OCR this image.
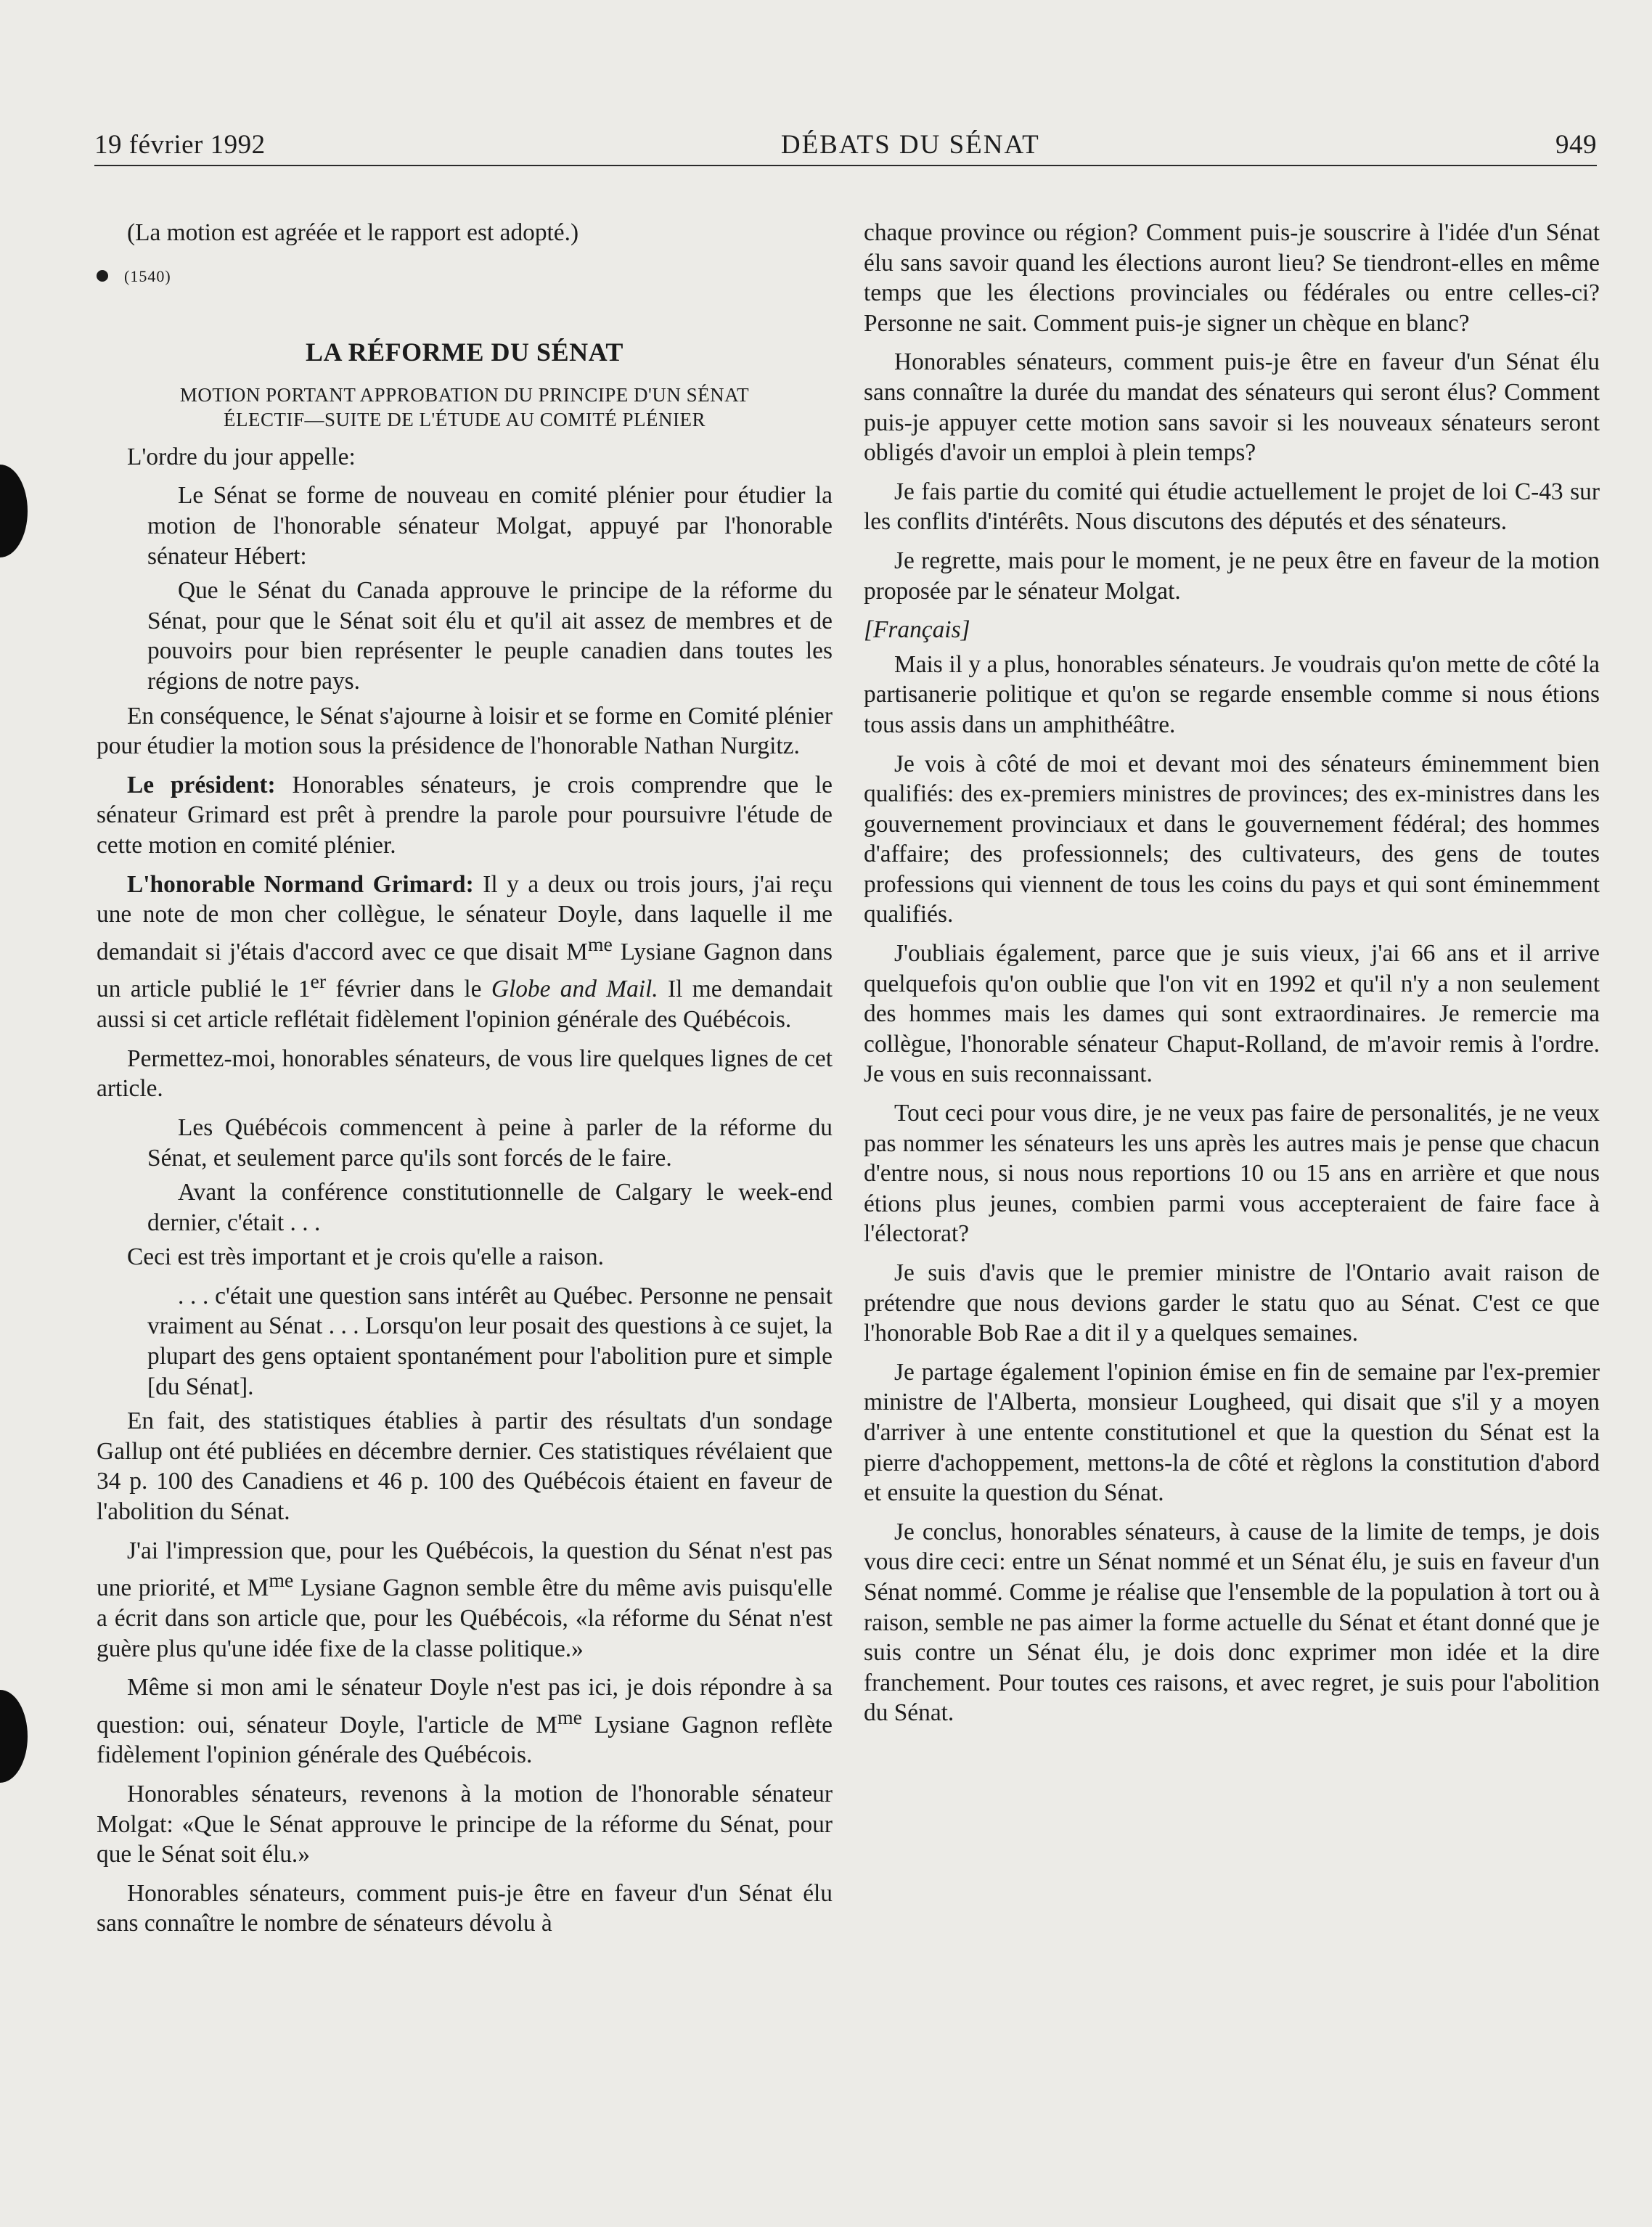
19 février 1992	DÉBATS DU SÉNAT	949

(La motion est agréée et le rapport est adopté.)

(1540)
LA RÉFORME DU SÉNAT
MOTION PORTANT APPROBATION DU PRINCIPE D'UN SÉNAT
ÉLECTIF—SUITE DE L'ÉTUDE AU COMITÉ PLÉNIER

L'ordre du jour appelle:

Le Sénat se forme de nouveau en comité plénier pour étudier la motion de l'honorable sénateur Molgat, appuyé par l'honorable sénateur Hébert:

Que le Sénat du Canada approuve le principe de la réforme du Sénat, pour que le Sénat soit élu et qu'il ait assez de membres et de pouvoirs pour bien représenter le peuple canadien dans toutes les régions de notre pays.

En conséquence, le Sénat s'ajourne à loisir et se forme en Comité plénier pour étudier la motion sous la présidence de l'honorable Nathan Nurgitz.

Le président: Honorables sénateurs, je crois comprendre que le sénateur Grimard est prêt à prendre la parole pour poursuivre l'étude de cette motion en comité plénier.

L'honorable Normand Grimard: Il y a deux ou trois jours, j'ai reçu une note de mon cher collègue, le sénateur Doyle, dans laquelle il me demandait si j'étais d'accord avec ce que disait $M^{me}$ Lysiane Gagnon dans un article publié le 1er février dans le Globe and Mail. Il me demandait aussi si cet article reflétait fidèlement l'opinion générale des Québécois.

Permettez-moi, honorables sénateurs, de vous lire quelques lignes de cet article.

Les Québécois commencent à peine à parler de la réforme du Sénat, et seulement parce qu'ils sont forcés de le faire.

Avant la conférence constitutionnelle de Calgary le week-end dernier, c'était . . .

Ceci est très important et je crois qu'elle a raison.

. . . c'était une question sans intérêt au Québec. Personne ne pensait vraiment au Sénat . . . Lorsqu'on leur posait des questions à ce sujet, la plupart des gens optaient spontanément pour l'abolition pure et simple [du Sénat].

En fait, des statistiques établies à partir des résultats d'un sondage Gallup ont été publiées en décembre dernier. Ces statistiques révélaient que 34 p. 100 des Canadiens et 46 p. 100 des Québécois étaient en faveur de l'abolition du Sénat.

J'ai l'impression que, pour les Québécois, la question du Sénat n'est pas une priorité, et $M^{me}$ Lysiane Gagnon semble être du même avis puisqu'elle a écrit dans son article que, pour les Québécois, «la réforme du Sénat n'est guère plus qu'une idée fixe de la classe politique.»

Même si mon ami le sénateur Doyle n'est pas ici, je dois répondre à sa question: oui, sénateur Doyle, l'article de $M^{me}$ Lysiane Gagnon reflète fidèlement l'opinion générale des Québécois.

Honorables sénateurs, revenons à la motion de l'honorable sénateur Molgat: «Que le Sénat approuve le principe de la réforme du Sénat, pour que le Sénat soit élu.»

Honorables sénateurs, comment puis-je être en faveur d'un Sénat élu sans connaître le nombre de sénateurs dévolu à

chaque province ou région? Comment puis-je souscrire à l'idée d'un Sénat élu sans savoir quand les élections auront lieu? Se tiendront-elles en même temps que les élections provinciales ou fédérales ou entre celles-ci? Personne ne sait. Comment puis-je signer un chèque en blanc?

Honorables sénateurs, comment puis-je être en faveur d'un Sénat élu sans connaître la durée du mandat des sénateurs qui seront élus? Comment puis-je appuyer cette motion sans savoir si les nouveaux sénateurs seront obligés d'avoir un emploi à plein temps?

Je fais partie du comité qui étudie actuellement le projet de loi C-43 sur les conflits d'intérêts. Nous discutons des députés et des sénateurs.

Je regrette, mais pour le moment, je ne peux être en faveur de la motion proposée par le sénateur Molgat.

[Français]

Mais il y a plus, honorables sénateurs. Je voudrais qu'on mette de côté la partisanerie politique et qu'on se regarde ensemble comme si nous étions tous assis dans un amphithéâtre.

Je vois à côté de moi et devant moi des sénateurs éminemment bien qualifiés: des ex-premiers ministres de provinces; des ex-ministres dans les gouvernement provinciaux et dans le gouvernement fédéral; des hommes d'affaire; des professionnels; des cultivateurs, des gens de toutes professions qui viennent de tous les coins du pays et qui sont éminemment qualifiés.

J'oubliais également, parce que je suis vieux, j'ai 66 ans et il arrive quelquefois qu'on oublie que l'on vit en 1992 et qu'il n'y a non seulement des hommes mais les dames qui sont extraordinaires. Je remercie ma collègue, l'honorable sénateur Chaput-Rolland, de m'avoir remis à l'ordre. Je vous en suis reconnaissant.

Tout ceci pour vous dire, je ne veux pas faire de personalités, je ne veux pas nommer les sénateurs les uns après les autres mais je pense que chacun d'entre nous, si nous nous reportions 10 ou 15 ans en arrière et que nous étions plus jeunes, combien parmi vous accepteraient de faire face à l'électorat?

Je suis d'avis que le premier ministre de l'Ontario avait raison de prétendre que nous devions garder le statu quo au Sénat. C'est ce que l'honorable Bob Rae a dit il y a quelques semaines.

Je partage également l'opinion émise en fin de semaine par l'ex-premier ministre de l'Alberta, monsieur Lougheed, qui disait que s'il y a moyen d'arriver à une entente constitutionel et que la question du Sénat est la pierre d'achoppement, mettons-la de côté et règlons la constitution d'abord et ensuite la question du Sénat.

Je conclus, honorables sénateurs, à cause de la limite de temps, je dois vous dire ceci: entre un Sénat nommé et un Sénat élu, je suis en faveur d'un Sénat nommé. Comme je réalise que l'ensemble de la population à tort ou à raison, semble ne pas aimer la forme actuelle du Sénat et étant donné que je suis contre un Sénat élu, je dois donc exprimer mon idée et la dire franchement. Pour toutes ces raisons, et avec regret, je suis pour l'abolition du Sénat.
